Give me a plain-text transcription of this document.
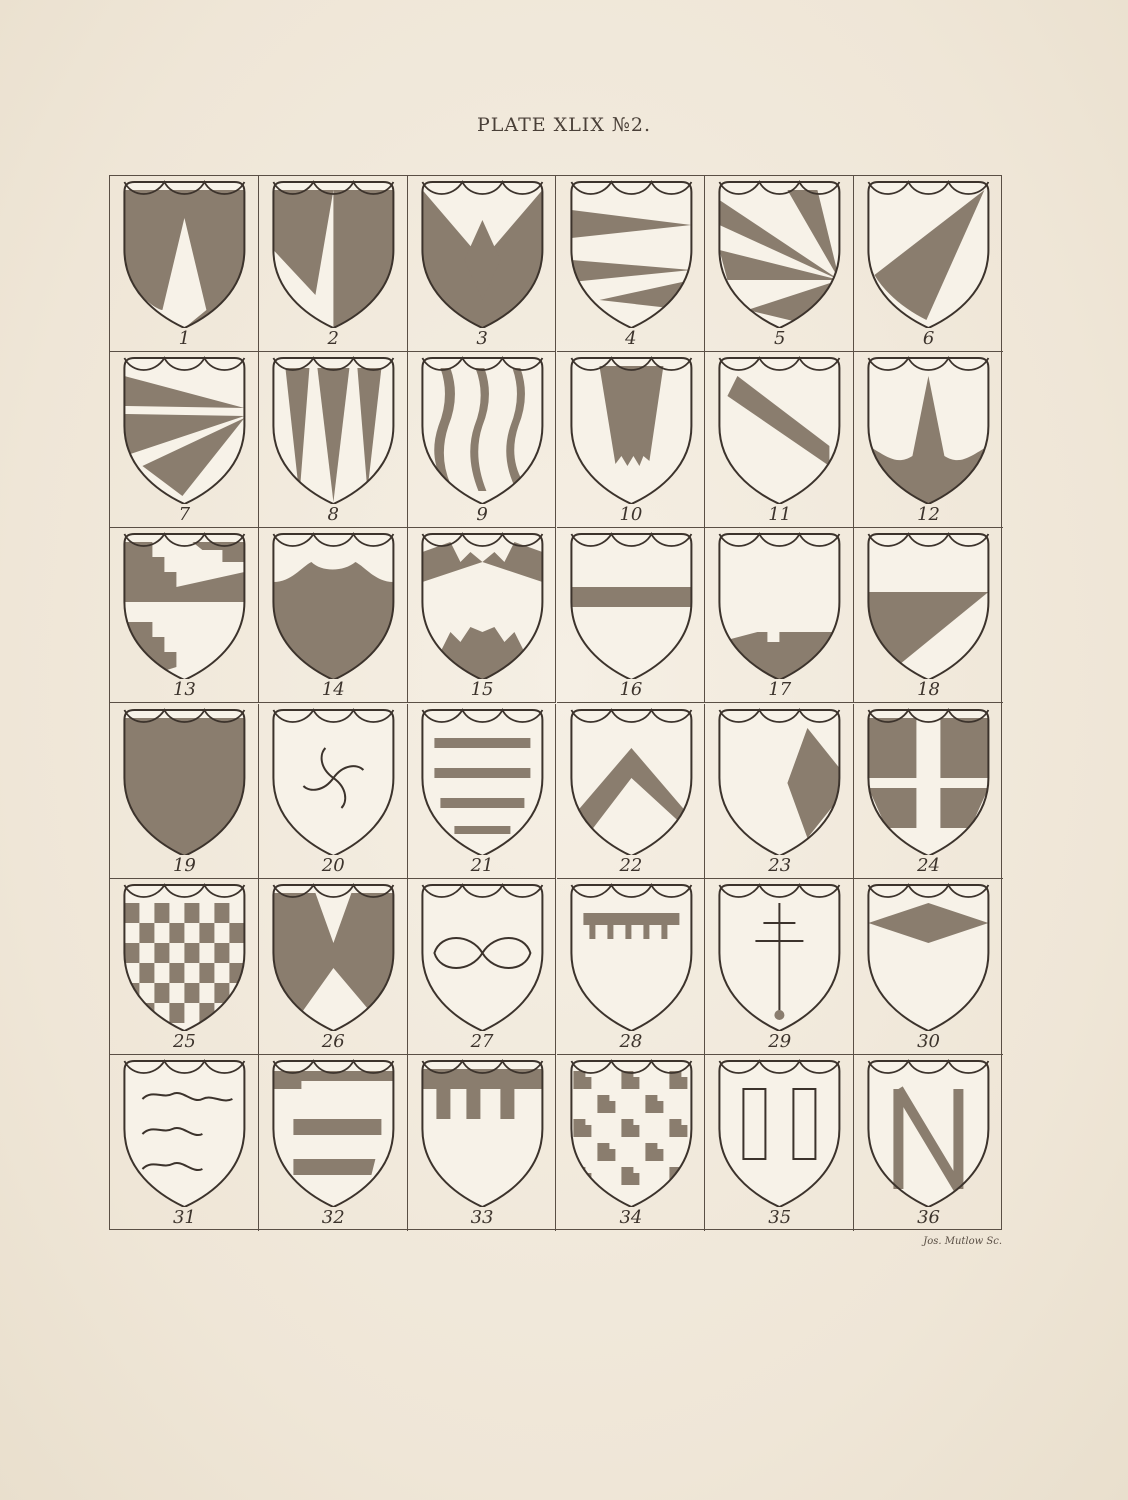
PLATE XLIX №2.
1	2	3	4	5	6
7	8	9	10	11	12
13	14	15	16	17	18
19	20	21	22	23	24
25	26	27	28	29	30
31	32	33	34	35	36
Jos. Mutlow Sc.
